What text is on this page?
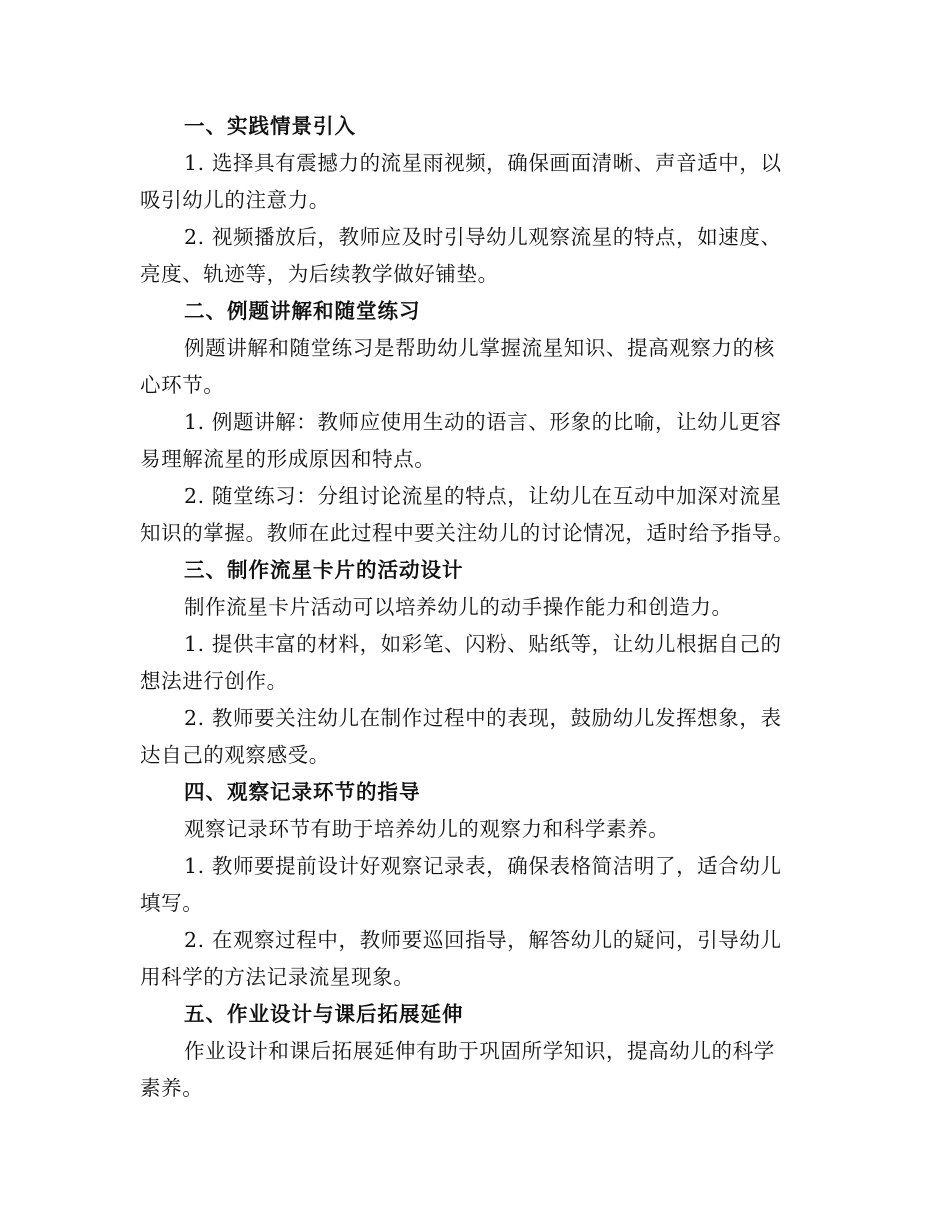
一、实践情景引入
1. 选择具有震撼力的流星雨视频，确保画面清晰、声音适中，以
吸引幼儿的注意力。
2. 视频播放后，教师应及时引导幼儿观察流星的特点，如速度、
亮度、轨迹等，为后续教学做好铺垫。
二、例题讲解和随堂练习
例题讲解和随堂练习是帮助幼儿掌握流星知识、提高观察力的核
心环节。
1. 例题讲解：教师应使用生动的语言、形象的比喻，让幼儿更容
易理解流星的形成原因和特点。
2. 随堂练习：分组讨论流星的特点，让幼儿在互动中加深对流星
知识的掌握。教师在此过程中要关注幼儿的讨论情况，适时给予指导。
三、制作流星卡片的活动设计
制作流星卡片活动可以培养幼儿的动手操作能力和创造力。
1. 提供丰富的材料，如彩笔、闪粉、贴纸等，让幼儿根据自己的
想法进行创作。
2. 教师要关注幼儿在制作过程中的表现，鼓励幼儿发挥想象，表
达自己的观察感受。
四、观察记录环节的指导
观察记录环节有助于培养幼儿的观察力和科学素养。
1. 教师要提前设计好观察记录表，确保表格简洁明了，适合幼儿
填写。
2. 在观察过程中，教师要巡回指导，解答幼儿的疑问，引导幼儿
用科学的方法记录流星现象。
五、作业设计与课后拓展延伸
作业设计和课后拓展延伸有助于巩固所学知识，提高幼儿的科学
素养。
